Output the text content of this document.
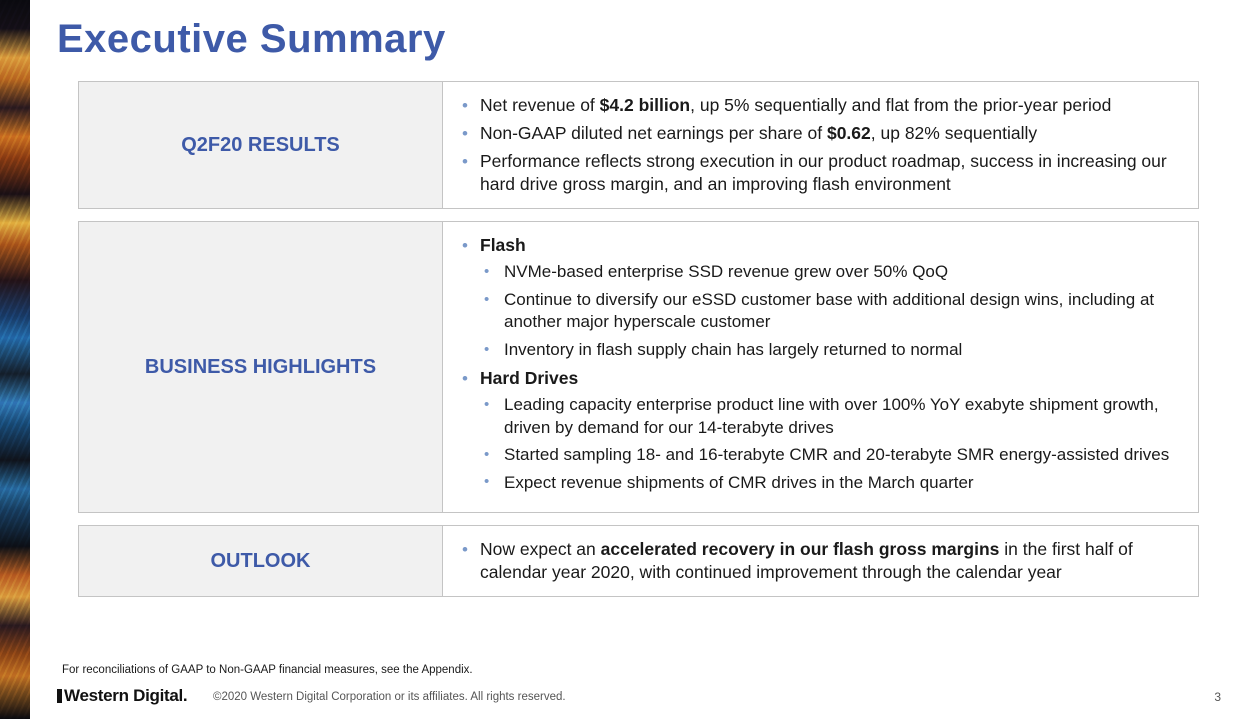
Executive Summary
Q2F20 RESULTS
• Net revenue of $4.2 billion, up 5% sequentially and flat from the prior-year period
• Non-GAAP diluted net earnings per share of $0.62, up 82% sequentially
• Performance reflects strong execution in our product roadmap, success in increasing our hard drive gross margin, and an improving flash environment
BUSINESS HIGHLIGHTS
• Flash
• NVMe-based enterprise SSD revenue grew over 50% QoQ
• Continue to diversify our eSSD customer base with additional design wins, including at another major hyperscale customer
• Inventory in flash supply chain has largely returned to normal
• Hard Drives
• Leading capacity enterprise product line with over 100% YoY exabyte shipment growth, driven by demand for our 14-terabyte drives
• Started sampling 18- and 16-terabyte CMR and 20-terabyte SMR energy-assisted drives
• Expect revenue shipments of CMR drives in the March quarter
OUTLOOK
• Now expect an accelerated recovery in our flash gross margins in the first half of calendar year 2020, with continued improvement through the calendar year
For reconciliations of GAAP to Non-GAAP financial measures, see the Appendix.
Western Digital. ©2020 Western Digital Corporation or its affiliates. All rights reserved.	3
